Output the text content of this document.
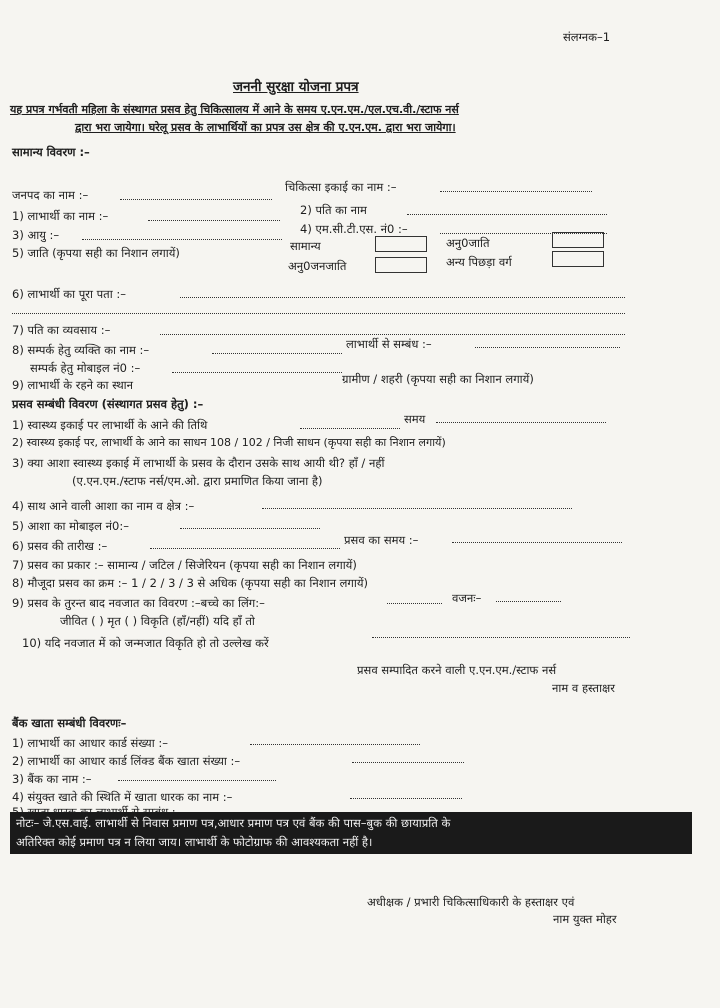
संलग्नक–1
जननी सुरक्षा योजना प्रपत्र
यह प्रपत्र गर्भवती महिला के संस्थागत प्रसव हेतु चिकित्सालय में आने के समय ए.एन.एम./एल.एच.वी./स्टाफ नर्स
द्वारा भरा जायेगा। घरेलू प्रसव के लाभार्थियों का प्रपत्र उस क्षेत्र की ए.एन.एम. द्वारा भरा जायेगा।
सामान्य विवरण :–
जनपद का नाम :–
चिकित्सा इकाई का नाम :–
1) लाभार्थी का नाम :–	2) पति का नाम
3) आयु :–	4) एम.सी.टी.एस. नं0 :–
5) जाति (कृपया सही का निशान लगायें)	सामान्य	अनु0जाति
अनु0जनजाति	अन्य पिछड़ा वर्ग
6) लाभार्थी का पूरा पता :–
7) पति का व्यवसाय :–
8) सम्पर्क हेतु व्यक्ति का नाम :–	लाभार्थी से सम्बंध :–
सम्पर्क हेतु मोबाइल नं0 :–
9) लाभार्थी के रहने का स्थान	ग्रामीण / शहरी (कृपया सही का निशान लगायें)
प्रसव सम्बंधी विवरण (संस्थागत प्रसव हेतु) :–
1) स्वास्थ्य इकाई पर लाभार्थी के आने की तिथि	समय
2) स्वास्थ्य इकाई पर, लाभार्थी के आने का साधन 108 / 102 / निजी साधन (कृपया सही का निशान लगायें)
3) क्या आशा स्वास्थ्य इकाई में लाभार्थी के प्रसव के दौरान उसके साथ आयी थी? हाँ / नहीं
(ए.एन.एम./स्टाफ नर्स/एम.ओ. द्वारा प्रमाणित किया जाना है)
4) साथ आने वाली आशा का नाम व क्षेत्र :–
5) आशा का मोबाइल नं0:–
6) प्रसव की तारीख :–	प्रसव का समय :–
7) प्रसव का प्रकार :– सामान्य / जटिल / सिजेरियन (कृपया सही का निशान लगायें)
8) मौजूदा प्रसव का क्रम :– 1 / 2 / 3 / 3 से अधिक (कृपया सही का निशान लगायें)
9) प्रसव के तुरन्त बाद नवजात का विवरण :–बच्चे का लिंग:–	वजनः–
जीवित ( ) मृत ( ) विकृति (हाँ/नहीं) यदि हाँ तो
10) यदि नवजात में को जन्मजात विकृति हो तो उल्लेख करें
प्रसव सम्पादित करने वाली ए.एन.एम./स्टाफ नर्स
नाम व हस्ताक्षर
बैंक खाता सम्बंधी विवरणः–
1) लाभार्थी का आधार कार्ड संख्या :–
2) लाभार्थी का आधार कार्ड लिंक्ड बैंक खाता संख्या :–
3) बैंक का नाम :–
4) संयुक्त खाते की स्थिति में खाता धारक का नाम :–
नोटः– जे.एस.वाई. लाभार्थी से निवास प्रमाण पत्र,आधार प्रमाण पत्र एवं बैंक की पास–बुक की छायाप्रति के
अतिरिक्त कोई प्रमाण पत्र न लिया जाय। लाभार्थी के फोटोग्राफ की आवश्यकता नहीं है।
अधीक्षक / प्रभारी चिकित्साधिकारी के हस्ताक्षर एवं
नाम युक्त मोहर
